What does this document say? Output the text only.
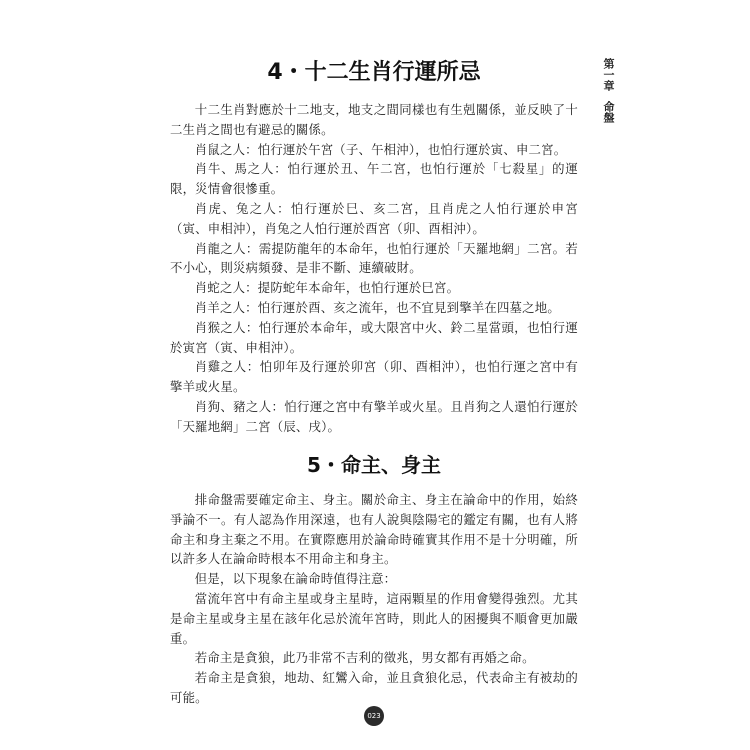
第一章命盤
4・十二生肖行運所忌

十二生肖對應於十二地支，地支之間同樣也有生剋關係，並反映了十二生肖之間也有避忌的關係。

肖鼠之人：怕行運於午宮（子、午相沖），也怕行運於寅、申二宮。

肖牛、馬之人：怕行運於丑、午二宮，也怕行運於「七殺星」的運限，災情會很慘重。

肖虎、兔之人：怕行運於巳、亥二宮，且肖虎之人怕行運於申宮（寅、申相沖），肖兔之人怕行運於酉宮（卯、酉相沖）。

肖龍之人：需提防龍年的本命年，也怕行運於「天羅地網」二宮。若不小心，則災病頻發、是非不斷、連續破財。

肖蛇之人：提防蛇年本命年，也怕行運於巳宮。

肖羊之人：怕行運於酉、亥之流年，也不宜見到擎羊在四墓之地。

肖猴之人：怕行運於本命年，或大限宮中火、鈴二星當頭，也怕行運於寅宮（寅、申相沖）。

肖雞之人：怕卯年及行運於卯宮（卯、酉相沖），也怕行運之宮中有擎羊或火星。

肖狗、豬之人：怕行運之宮中有擎羊或火星。且肖狗之人還怕行運於「天羅地網」二宮（辰、戌）。

5・命主、身主

排命盤需要確定命主、身主。關於命主、身主在論命中的作用，始終爭論不一。有人認為作用深遠，也有人說與陰陽宅的鑑定有關，也有人將命主和身主棄之不用。在實際應用於論命時確實其作用不是十分明確，所以許多人在論命時根本不用命主和身主。

但是，以下現象在論命時值得注意：

當流年宮中有命主星或身主星時，這兩顆星的作用會變得強烈。尤其是命主星或身主星在該年化忌於流年宮時，則此人的困擾與不順會更加嚴重。

若命主是貪狼，此乃非常不吉利的徵兆，男女都有再婚之命。

若命主是貪狼，地劫、紅鸞入命，並且貪狼化忌，代表命主有被劫的可能。

023
